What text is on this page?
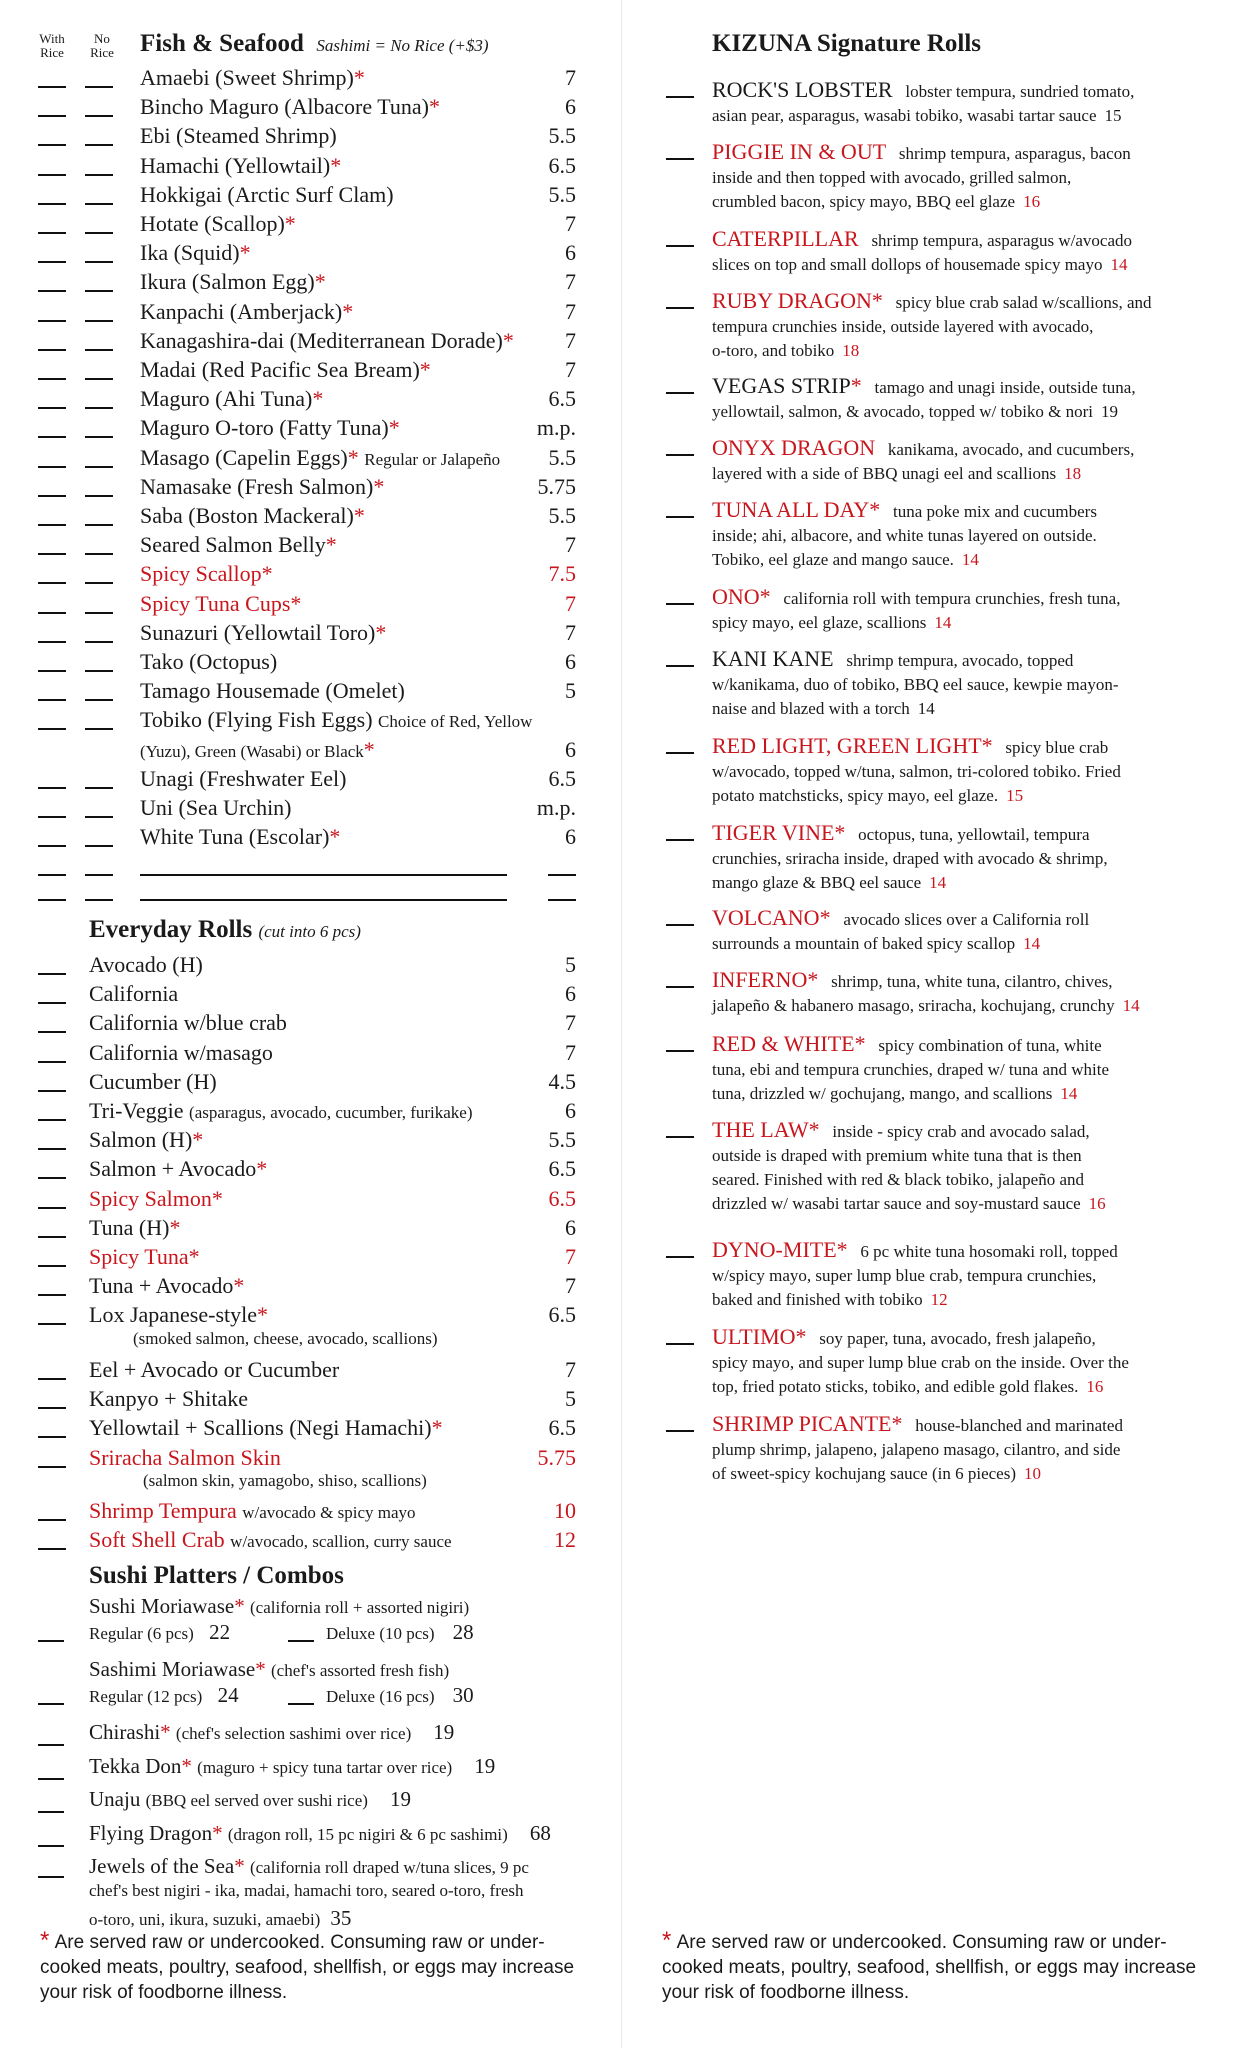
With
Rice
No
Rice	Fish & Seafood Sashimi = No Rice (+$3)
Amaebi (Sweet Shrimp)*	7
Bincho Maguro (Albacore Tuna)*	6
Ebi (Steamed Shrimp)	5.5
Hamachi (Yellowtail)*	6.5
Hokkigai (Arctic Surf Clam)	5.5
Hotate (Scallop)*	7
Ika (Squid)*	6
Ikura (Salmon Egg)*	7
Kanpachi (Amberjack)*	7
Kanagashira-dai (Mediterranean Dorade)* 7
Madai (Red Pacific Sea Bream)*	7
Maguro (Ahi Tuna)*	6.5
Maguro O-toro (Fatty Tuna)*	m.p.
Masago (Capelin Eggs)* Regular or Jalapeño 5.5
Namasake (Fresh Salmon)*	5.75
Saba (Boston Mackeral)*	5.5
Seared Salmon Belly*	7
Spicy Scallop*	7.5
Spicy Tuna Cups*	7
Sunazuri (Yellowtail Toro)*	7
Tako (Octopus)	6
Tamago Housemade (Omelet)	5
Tobiko (Flying Fish Eggs) Choice of Red, Yellow
(Yuzu), Green (Wasabi) or Black*	6
Unagi (Freshwater Eel)	6.5
Uni (Sea Urchin)	m.p.
White Tuna (Escolar)*	6
Everyday Rolls (cut into 6 pcs)
Avocado (H)	5
California	6
California w/blue crab	7
California w/masago	7
Cucumber (H)	4.5
Tri-Veggie (asparagus, avocado, cucumber, furikake)	6
Salmon (H)*	5.5
Salmon + Avocado*	6.5
Spicy Salmon*	6.5
Tuna (H)*	6
Spicy Tuna*	7
Tuna + Avocado*	7
Lox Japanese-style*	6.5
(smoked salmon, cheese, avocado, scallions)
Eel + Avocado or Cucumber	7
Kanpyo + Shitake	5
Yellowtail + Scallions (Negi Hamachi)*	6.5
Sriracha Salmon Skin	5.75
(salmon skin, yamagobo, shiso, scallions)
Shrimp Tempura w/avocado & spicy mayo	10
Soft Shell Crab w/avocado, scallion, curry sauce	12
Sushi Platters / Combos
Sushi Moriawase* (california roll + assorted nigiri)
Regular (6 pcs) 22	Deluxe (10 pcs) 28
Sashimi Moriawase* (chef's assorted fresh fish)
Regular (12 pcs) 24	Deluxe (16 pcs) 30
Chirashi* (chef's selection sashimi over rice) 19
Tekka Don* (maguro + spicy tuna tartar over rice) 19
Unaju (BBQ eel served over sushi rice) 19
Flying Dragon* (dragon roll, 15 pc nigiri & 6 pc sashimi) 68
Jewels of the Sea* (california roll draped w/tuna slices, 9 pc
chef's best nigiri - ika, madai, hamachi toro, seared o-toro, fresh
o-toro, uni, ikura, suzuki, amaebi) 35
KIZUNA Signature Rolls
ROCK'S LOBSTER lobster tempura, sundried tomato,
asian pear, asparagus, wasabi tobiko, wasabi tartar sauce 15
PIGGIE IN & OUT shrimp tempura, asparagus, bacon
inside and then topped with avocado, grilled salmon,
crumbled bacon, spicy mayo, BBQ eel glaze 16
CATERPILLAR shrimp tempura, asparagus w/avocado
slices on top and small dollops of housemade spicy mayo 14
RUBY DRAGON* spicy blue crab salad w/scallions, and
tempura crunchies inside, outside layered with avocado,
o-toro, and tobiko 18
VEGAS STRIP* tamago and unagi inside, outside tuna,
yellowtail, salmon, & avocado, topped w/ tobiko & nori 19
ONYX DRAGON kanikama, avocado, and cucumbers,
layered with a side of BBQ unagi eel and scallions 18
TUNA ALL DAY* tuna poke mix and cucumbers
inside; ahi, albacore, and white tunas layered on outside.
Tobiko, eel glaze and mango sauce. 14
ONO* california roll with tempura crunchies, fresh tuna,
spicy mayo, eel glaze, scallions 14
KANI KANE shrimp tempura, avocado, topped
w/kanikama, duo of tobiko, BBQ eel sauce, kewpie mayon-
naise and blazed with a torch 14
RED LIGHT, GREEN LIGHT* spicy blue crab
w/avocado, topped w/tuna, salmon, tri-colored tobiko. Fried
potato matchsticks, spicy mayo, eel glaze. 15
TIGER VINE* octopus, tuna, yellowtail, tempura
crunchies, sriracha inside, draped with avocado & shrimp,
mango glaze & BBQ eel sauce 14
VOLCANO* avocado slices over a California roll
surrounds a mountain of baked spicy scallop 14
INFERNO* shrimp, tuna, white tuna, cilantro, chives,
jalapeño & habanero masago, sriracha, kochujang, crunchy 14
RED & WHITE* spicy combination of tuna, white
tuna, ebi and tempura crunchies, draped w/ tuna and white
tuna, drizzled w/ gochujang, mango, and scallions 14
THE LAW* inside - spicy crab and avocado salad,
outside is draped with premium white tuna that is then
seared. Finished with red & black tobiko, jalapeño and
drizzled w/ wasabi tartar sauce and soy-mustard sauce 16
DYNO-MITE* 6 pc white tuna hosomaki roll, topped
w/spicy mayo, super lump blue crab, tempura crunchies,
baked and finished with tobiko 12
ULTIMO* soy paper, tuna, avocado, fresh jalapeño,
spicy mayo, and super lump blue crab on the inside. Over the
top, fried potato sticks, tobiko, and edible gold flakes. 16
SHRIMP PICANTE* house-blanched and marinated
plump shrimp, jalapeno, jalapeno masago, cilantro, and side
of sweet-spicy kochujang sauce (in 6 pieces) 10
* Are served raw or undercooked. Consuming raw or under-
cooked meats, poultry, seafood, shellfish, or eggs may increase
your risk of foodborne illness.
* Are served raw or undercooked. Consuming raw or under-
cooked meats, poultry, seafood, shellfish, or eggs may increase
your risk of foodborne illness.
